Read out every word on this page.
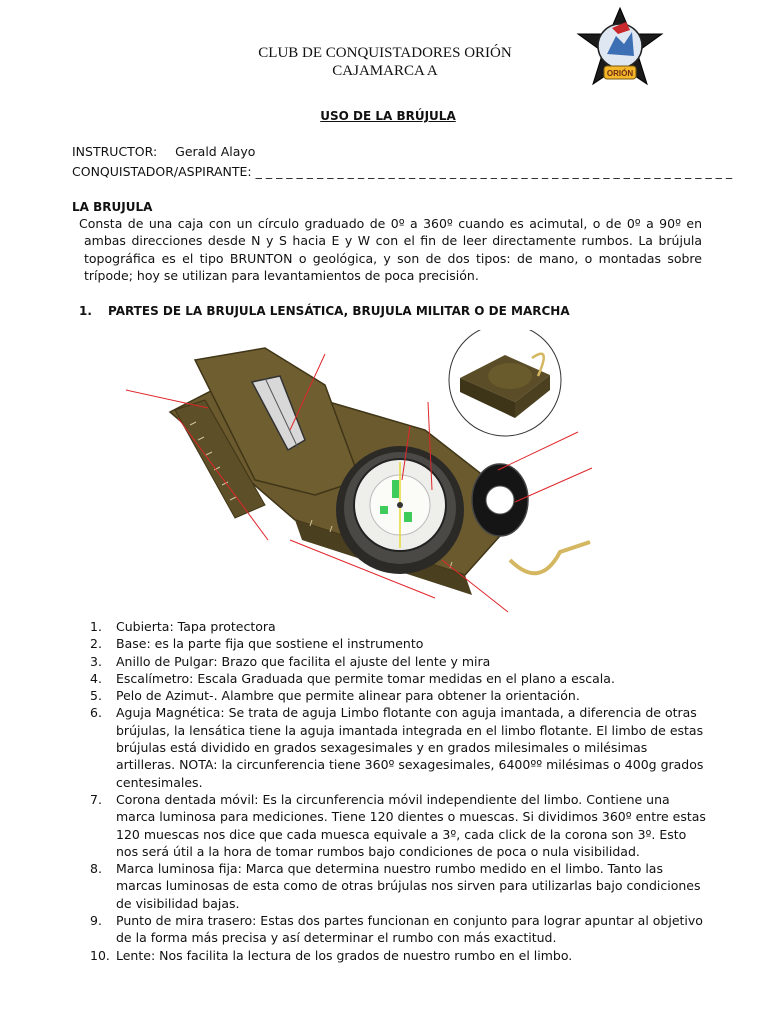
CLUB DE CONQUISTADORES ORIÓN
CAJAMARCA A	ORIÓN
USO DE LA BRÚJULA
INSTRUCTOR: Gerald Alayo
CONQUISTADOR/ASPIRANTE: _ _ _ _ _ _ _ _ _ _ _ _ _ _ _ _ _ _ _ _ _ _ _ _ _ _ _ _ _ _ _ _ _ _ _ _ _ _ _ _ _ _ _ _ _ _ _
LA BRUJULA

Consta de una caja con un círculo graduado de 0º a 360º cuando es acimutal, o de 0º a 90º en ambas direcciones desde N y S hacia E y W con el fin de leer directamente rumbos. La brújula topográfica es el tipo BRUNTON o geológica, y son de dos tipos: de mano, o montadas sobre trípode; hoy se utilizan para levantamientos de poca precisión.

1. PARTES DE LA BRUJULA LENSÁTICA, BRUJULA MILITAR O DE MARCHA
1. Cubierta: Tapa protectora
2. Base: es la parte fija que sostiene el instrumento
3. Anillo de Pulgar: Brazo que facilita el ajuste del lente y mira
4. Escalímetro: Escala Graduada que permite tomar medidas en el plano a escala.
5. Pelo de Azimut-. Alambre que permite alinear para obtener la orientación.
6. Aguja Magnética: Se trata de aguja Limbo flotante con aguja imantada, a diferencia de otras brújulas, la lensática tiene la aguja imantada integrada en el limbo flotante. El limbo de estas brújulas está dividido en grados sexagesimales y en grados milesimales o milésimas artilleras. NOTA: la circunferencia tiene 360º sexagesimales, 6400ºº milésimas o 400g grados centesimales.
7. Corona dentada móvil: Es la circunferencia móvil independiente del limbo. Contiene una marca luminosa para mediciones. Tiene 120 dientes o muescas. Si dividimos 360º entre estas 120 muescas nos dice que cada muesca equivale a 3º, cada click de la corona son 3º. Esto nos será útil a la hora de tomar rumbos bajo condiciones de poca o nula visibilidad.
8. Marca luminosa fija: Marca que determina nuestro rumbo medido en el limbo. Tanto las marcas luminosas de esta como de otras brújulas nos sirven para utilizarlas bajo condiciones de visibilidad bajas.
9. Punto de mira trasero: Estas dos partes funcionan en conjunto para lograr apuntar al objetivo de la forma más precisa y así determinar el rumbo con más exactitud.
10. Lente: Nos facilita la lectura de los grados de nuestro rumbo en el limbo.
